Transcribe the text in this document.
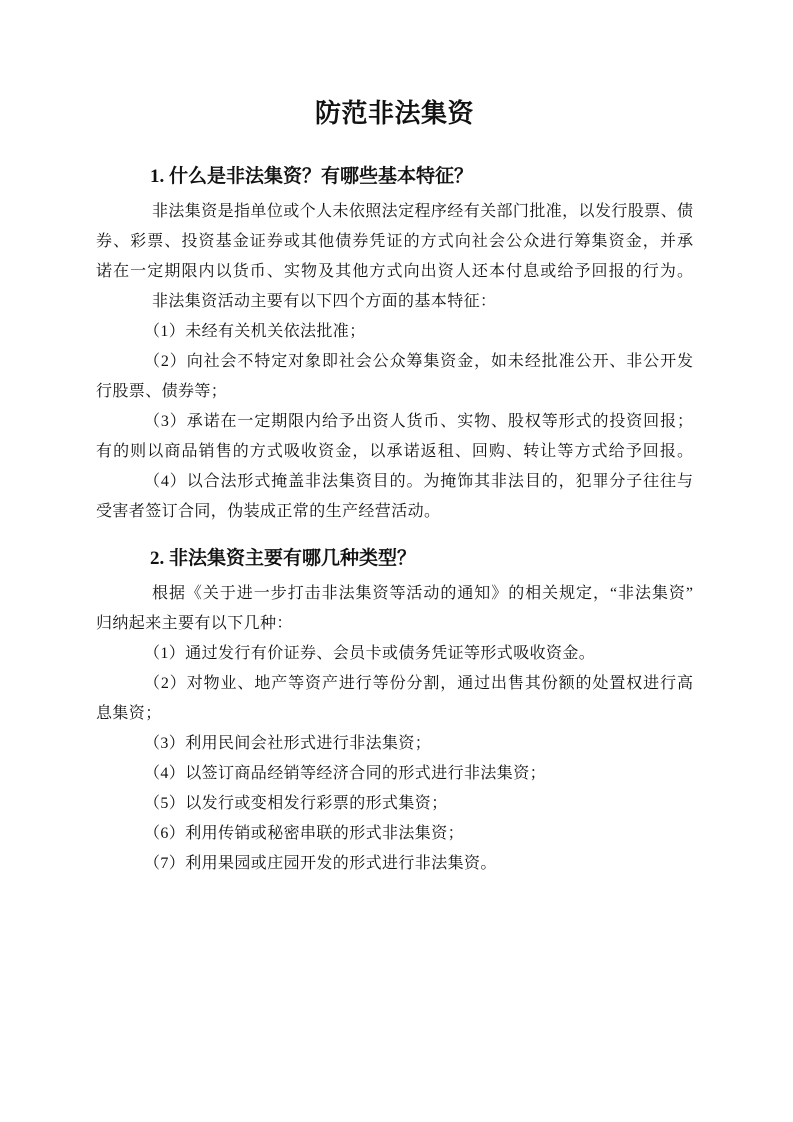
防范非法集资
1. 什么是非法集资？有哪些基本特征？
非法集资是指单位或个人未依照法定程序经有关部门批准，以发行股票、债
券、彩票、投资基金证券或其他债券凭证的方式向社会公众进行筹集资金，并承
诺在一定期限内以货币、实物及其他方式向出资人还本付息或给予回报的行为。
非法集资活动主要有以下四个方面的基本特征：
（1）未经有关机关依法批准；
（2）向社会不特定对象即社会公众筹集资金，如未经批准公开、非公开发
行股票、债券等；
（3）承诺在一定期限内给予出资人货币、实物、股权等形式的投资回报；
有的则以商品销售的方式吸收资金，以承诺返租、回购、转让等方式给予回报。
（4）以合法形式掩盖非法集资目的。为掩饰其非法目的，犯罪分子往往与
受害者签订合同，伪装成正常的生产经营活动。
2. 非法集资主要有哪几种类型？
根据《关于进一步打击非法集资等活动的通知》的相关规定，“非法集资”
归纳起来主要有以下几种：
（1）通过发行有价证券、会员卡或债务凭证等形式吸收资金。
（2）对物业、地产等资产进行等份分割，通过出售其份额的处置权进行高
息集资；
（3）利用民间会社形式进行非法集资；
（4）以签订商品经销等经济合同的形式进行非法集资；
（5）以发行或变相发行彩票的形式集资；
（6）利用传销或秘密串联的形式非法集资；
（7）利用果园或庄园开发的形式进行非法集资。
